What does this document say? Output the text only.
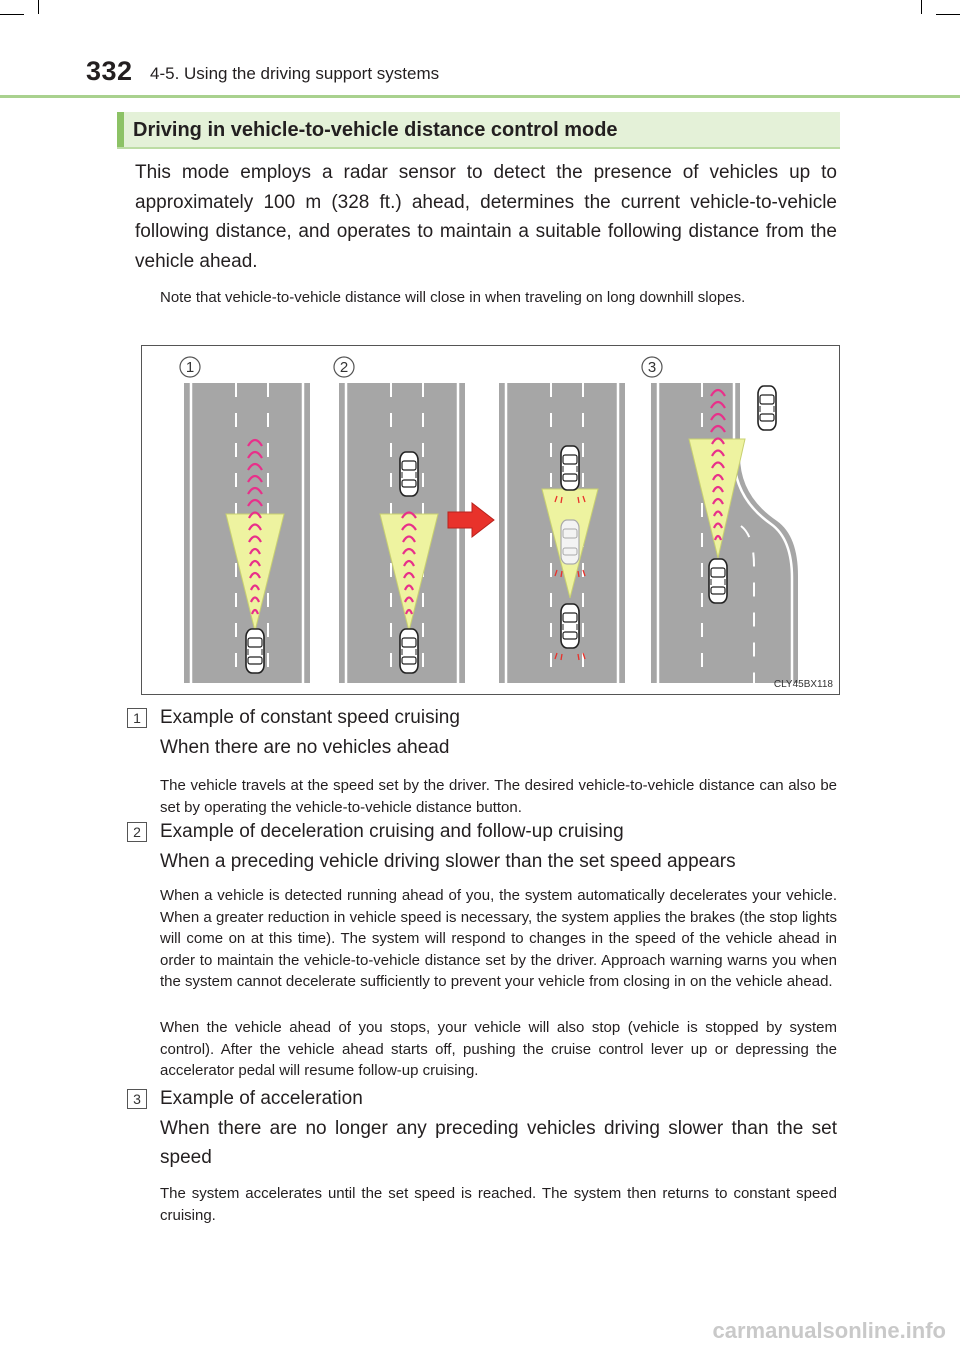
332 4-5. Using the driving support systems
Driving in vehicle-to-vehicle distance control mode

This mode employs a radar sensor to detect the presence of vehicles up to approximately 100 m (328 ft.) ahead, determines the current vehicle-to-vehicle following distance, and operates to maintain a suitable following distance from the vehicle ahead.

Note that vehicle-to-vehicle distance will close in when traveling on long downhill slopes.

1	2	3
CLY45BX118
1	Example of constant speed cruising
When there are no vehicles ahead

The vehicle travels at the speed set by the driver. The desired vehicle-to-vehicle distance can also be set by operating the vehicle-to-vehicle distance button.

2	Example of deceleration cruising and follow-up cruising
When a preceding vehicle driving slower than the set speed appears

When a vehicle is detected running ahead of you, the system automatically decelerates your vehicle. When a greater reduction in vehicle speed is necessary, the system applies the brakes (the stop lights will come on at this time). The system will respond to changes in the speed of the vehicle ahead in order to maintain the vehicle-to-vehicle distance set by the driver. Approach warning warns you when the system cannot decelerate sufficiently to prevent your vehicle from closing in on the vehicle ahead.

When the vehicle ahead of you stops, your vehicle will also stop (vehicle is stopped by system control). After the vehicle ahead starts off, pushing the cruise control lever up or depressing the accelerator pedal will resume follow-up cruising.

3	Example of acceleration
When there are no longer any preceding vehicles driving slower than the set speed

The system accelerates until the set speed is reached. The system then returns to constant speed cruising.

carmanualsonline.info
